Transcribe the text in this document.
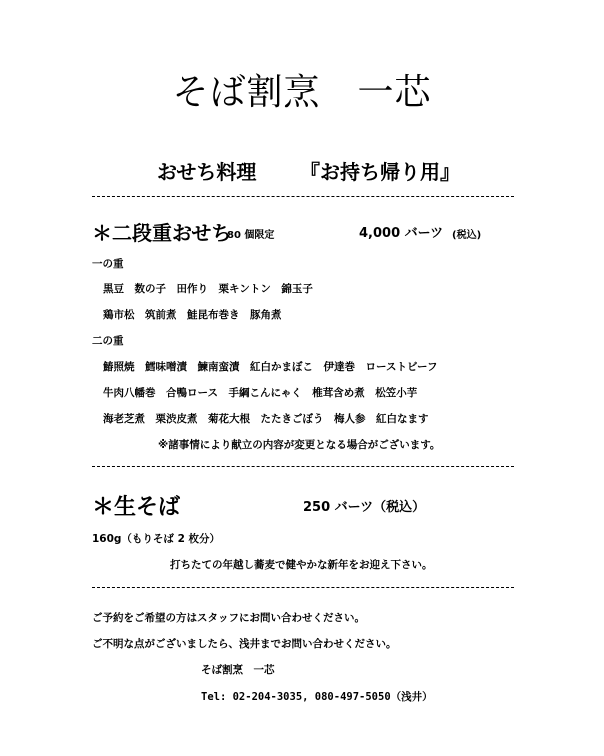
そば割烹　一芯
おせち料理 『お持ち帰り用』
＊二段重おせち
80 個限定	4,000 バーツ (税込)
一の重
黒豆　数の子　田作り　栗キントン　錦玉子
鶏市松　筑前煮　鮭昆布巻き　豚角煮
二の重
鰆照焼　鱈味噌漬　鰊南蛮漬　紅白かまぼこ　伊達巻　ローストビーフ
牛肉八幡巻　合鴨ロース　手綱こんにゃく　椎茸含め煮　松笠小芋
海老芝煮　栗渋皮煮　菊花大根　たたきごぼう　梅人参　紅白なます
※諸事情により献立の内容が変更となる場合がございます。
＊生そば	250 バーツ（税込）
160g（もりそば 2 枚分）
打ちたての年越し蕎麦で健やかな新年をお迎え下さい。
ご予約をご希望の方はスタッフにお問い合わせください。
ご不明な点がございましたら、浅井までお問い合わせください。
そば割烹　一芯
Tel: 02-204-3035, 080-497-5050（浅井）
